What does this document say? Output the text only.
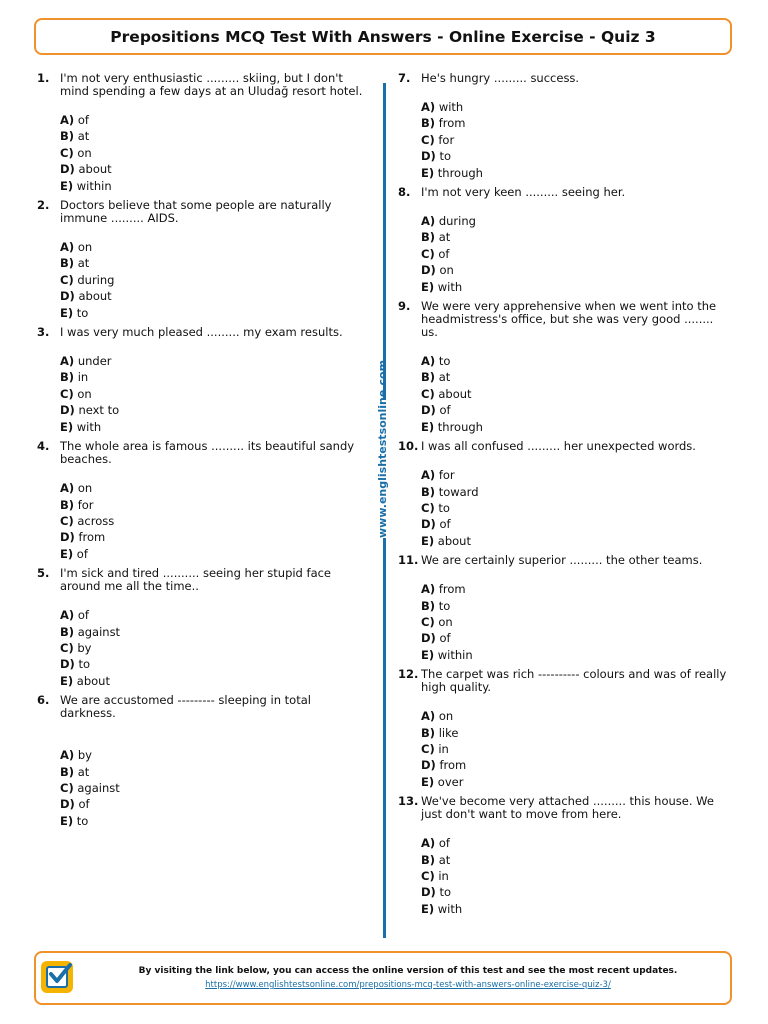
Prepositions MCQ Test With Answers - Online Exercise - Quiz 3
1. I'm not very enthusiastic ......... skiing, but I don't mind spending a few days at an Uludağ resort hotel.
A) of
B) at
C) on
D) about
E) within
2. Doctors believe that some people are naturally immune ......... AIDS.
A) on
B) at
C) during
D) about
E) to
3. I was very much pleased ......... my exam results.
A) under
B) in
C) on
D) next to
E) with
4. The whole area is famous ......... its beautiful sandy beaches.
A) on
B) for
C) across
D) from
E) of
5. I'm sick and tired .......... seeing her stupid face around me all the time..
A) of
B) against
C) by
D) to
E) about
6. We are accustomed --------- sleeping in total darkness.
A) by
B) at
C) against
D) of
E) to
www.englishtestsonline.com
7. He's hungry ......... success.
A) with
B) from
C) for
D) to
E) through
8. I'm not very keen ......... seeing her.
A) during
B) at
C) of
D) on
E) with
9. We were very apprehensive when we went into the headmistress's office, but she was very good ........ us.
A) to
B) at
C) about
D) of
E) through
10. I was all confused ......... her unexpected words.
A) for
B) toward
C) to
D) of
E) about
11. We are certainly superior ......... the other teams.
A) from
B) to
C) on
D) of
E) within
12. The carpet was rich ---------- colours and was of really high quality.
A) on
B) like
C) in
D) from
E) over
13. We've become very attached ......... this house. We just don't want to move from here.
A) of
B) at
C) in
D) to
E) with
By visiting the link below, you can access the online version of this test and see the most recent updates.
https://www.englishtestsonline.com/prepositions-mcq-test-with-answers-online-exercise-quiz-3/
